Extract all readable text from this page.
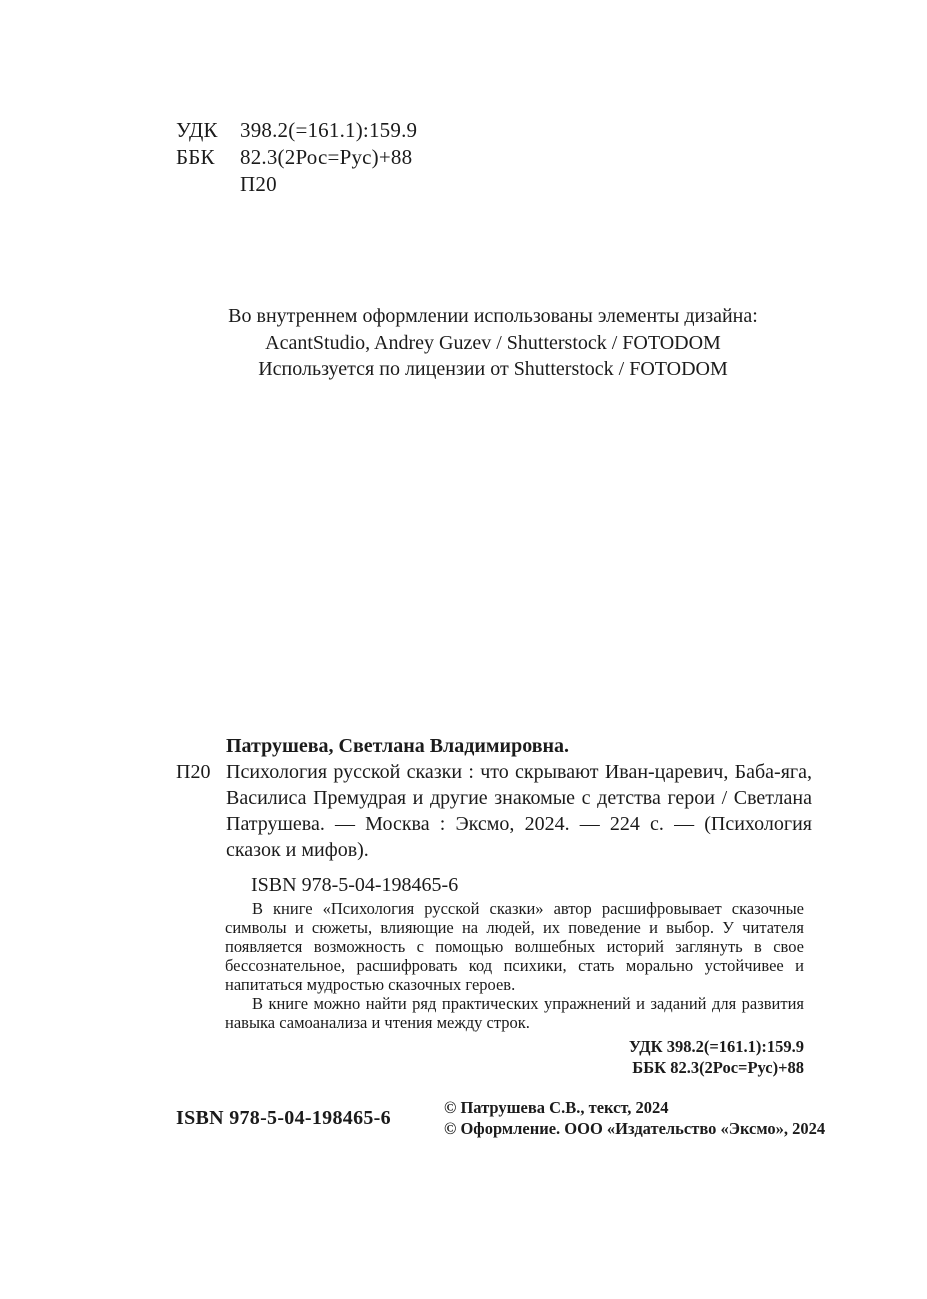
УДК	398.2(=161.1):159.9
ББК	82.3(2Рос=Рус)+88
П20
Во внутреннем оформлении использованы элементы дизайна:
AcantStudio, Andrey Guzev / Shutterstock / FOTODOM
Используется по лицензии от Shutterstock / FOTODOM
Патрушева, Светлана Владимировна.
П20 Психология русской сказки : что скрывают Иван-царевич, Баба-яга, Василиса Премудрая и другие знакомые с детства герои / Светлана Патрушева. — Москва : Эксмо, 2024. — 224 с. — (Психология сказок и мифов).
ISBN 978-5-04-198465-6

В книге «Психология русской сказки» автор расшифровывает сказочные символы и сюжеты, влияющие на людей, их поведение и выбор. У читателя появляется возможность с помощью волшебных историй заглянуть в свое бессознательное, расшифровать код психики, стать морально устойчивее и напитаться мудростью сказочных героев.

В книге можно найти ряд практических упражнений и заданий для развития навыка самоанализа и чтения между строк.

УДК 398.2(=161.1):159.9
ББК 82.3(2Рос=Рус)+88
ISBN 978-5-04-198465-6	© Патрушева С.В., текст, 2024
© Оформление. ООО «Издательство «Эксмо», 2024
